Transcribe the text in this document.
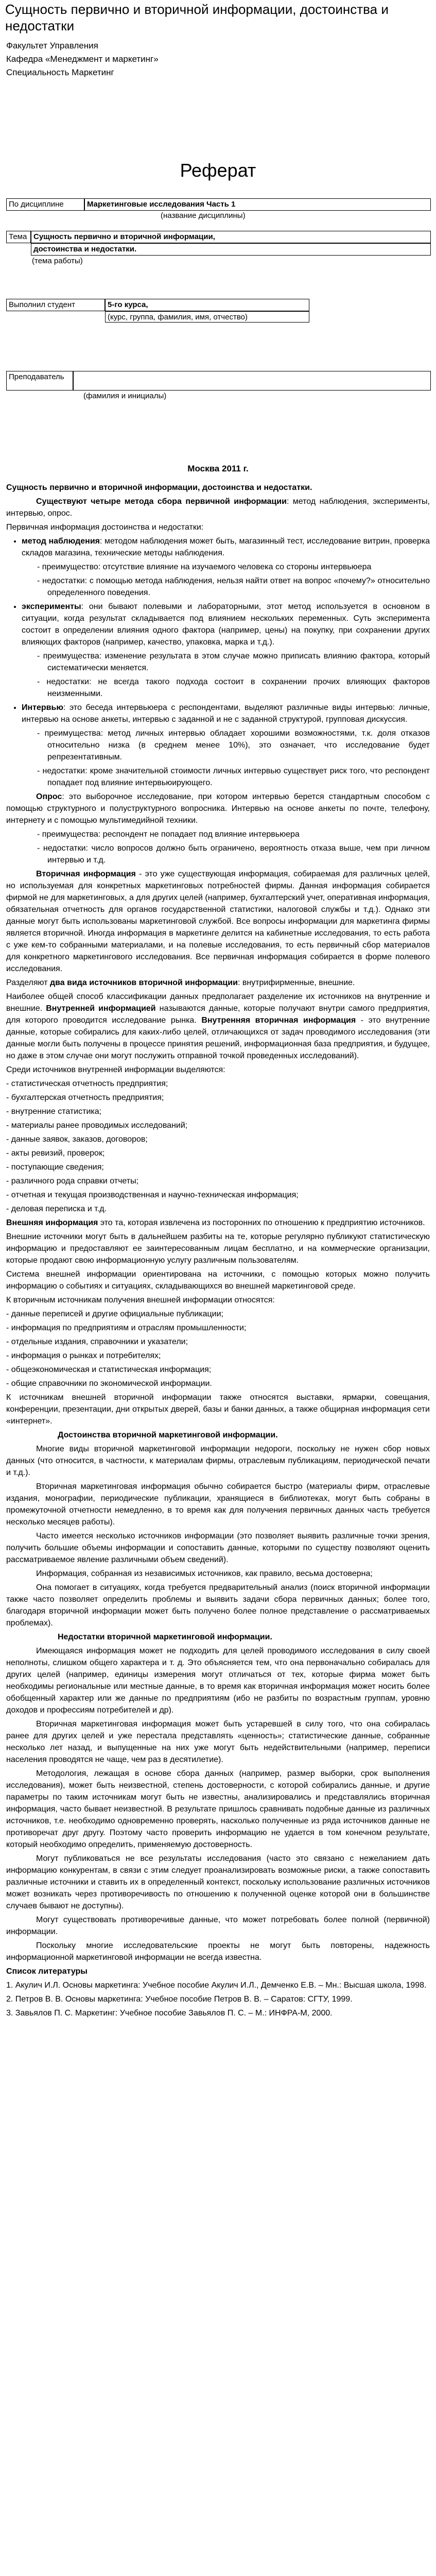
Сущность первично и вторичной информации, достоинства и недостатки
Факультет Управления
Кафедра «Менеджмент и маркетинг»
Специальность Маркетинг
Реферат
По дисциплине	Маркетинговые исследования Часть 1
(название дисциплины)
Тема Сущность первично и вторичной информации,
достоинства и недостатки.
(тема работы)
Выполнил студент	5-го курса,
(курс, группа, фамилия, имя, отчество)
Преподаватель
(фамилия и инициалы)
Москва 2011 г.

Сущность первично и вторичной информации, достоинства и недостатки.

Существуют четыре метода сбора первичной информации: метод наблюдения, эксперименты, интервью, опрос.

Первичная информация достоинства и недостатки:

• метод наблюдения: методом наблюдения может быть, магазинный тест, исследование витрин, проверка складов магазина, технические методы наблюдения.

- преимущество: отсутствие влияние на изучаемого человека со стороны интервьюера

- недостатки: с помощью метода наблюдения, нельзя найти ответ на вопрос «почему?» относительно определенного поведения.

• эксперименты: они бывают полевыми и лабораторными, этот метод используется в основном в ситуации, когда результат складывается под влиянием нескольких переменных. Суть эксперимента состоит в определении влияния одного фактора (например, цены) на покупку, при сохранении других влияющих факторов (например, качество, упаковка, марка и т.д.).

- преимущества: изменение результата в этом случае можно приписать влиянию фактора, который систематически меняется.

- недостатки: не всегда такого подхода состоит в сохранении прочих влияющих факторов неизменными.

• Интервью: это беседа интервьюера с респондентами, выделяют различные виды интервью: личные, интервью на основе анкеты, интервью с заданной и не с заданной структурой, групповая дискуссия.

- преимущества: метод личных интервью обладает хорошими возможностями, т.к. доля отказов относительно низка (в среднем менее 10%), это означает, что исследование будет репрезентативным.

- недостатки: кроме значительной стоимости личных интервью существует риск того, что респондент попадает под влияние интервьюирующего.

Опрос: это выборочное исследование, при котором интервью берется стандартным способом с помощью структурного и полуструктурного вопросника. Интервью на основе анкеты по почте, телефону, интернету и с помощью мультимедийной техники.

- преимущества: респондент не попадает под влияние интервьюера

- недостатки: число вопросов должно быть ограничено, вероятность отказа выше, чем при личном интервью и т.д.

Вторичная информация - это уже существующая информация, собираемая для различных целей, но используемая для конкретных маркетинговых потребностей фирмы. Данная информация собирается фирмой не для маркетинговых, а для других целей (например, бухгалтерский учет, оперативная информация, обязательная отчетность для органов государственной статистики, налоговой службы и т.д.). Однако эти данные могут быть использованы маркетинговой службой. Все вопросы информации для маркетинга фирмы является вторичной. Иногда информация в маркетинге делится на кабинетные исследования, то есть работа с уже кем-то собранными материалами, и на полевые исследования, то есть первичный сбор материалов для конкретного маркетингового исследования. Все первичная информация собирается в форме полевого исследования.

Разделяют два вида источников вторичной информации: внутрифирменные, внешние.

Наиболее общей способ классификации данных предполагает разделение их источников на внутренние и внешние. Внутренней информацией называются данные, которые получают внутри самого предприятия, для которого проводится исследование рынка. Внутренняя вторичная информация - это внутренние данные, которые собирались для каких-либо целей, отличающихся от задач проводимого исследования (эти данные могли быть получены в процессе принятия решений, информационная база предприятия, и будущее, но даже в этом случае они могут послужить отправной точкой проведенных исследований).

Среди источников внутренней информации выделяются:

- статистическая отчетность предприятия;

- бухгалтерская отчетность предприятия;

- внутренние статистика;

- материалы ранее проводимых исследований;

- данные заявок, заказов, договоров;

- акты ревизий, проверок;

- поступающие сведения;

- различного рода справки отчеты;

- отчетная и текущая производственная и научно-техническая информация;

- деловая переписка и т.д.

Внешняя информация это та, которая извлечена из посторонних по отношению к предприятию источников.

Внешние источники могут быть в дальнейшем разбиты на те, которые регулярно публикуют статистическую информацию и предоставляют ее заинтересованным лицам бесплатно, и на коммерческие организации, которые продают свою информационную услугу различным пользователям.

Система внешней информации ориентирована на источники, с помощью которых можно получить информацию о событиях и ситуациях, складывающихся во внешней маркетинговой среде.

К вторичным источникам получения внешней информации относятся:

- данные переписей и другие официальные публикации;

- информация по предприятиям и отраслям промышленности;

- отдельные издания, справочники и указатели;

- информация о рынках и потребителях;

- общеэкономическая и статистическая информация;

- общие справочники по экономической информации.

К источникам внешней вторичной информации также относятся выставки, ярмарки, совещания, конференции, презентации, дни открытых дверей, базы и банки данных, а также общирная информация сети «интернет».

Достоинства вторичной маркетинговой информации.

Многие виды вторичной маркетинговой информации недороги, поскольку не нужен сбор новых данных (что относится, в частности, к материалам фирмы, отраслевым публикациям, периодической печати и т.д.).

Вторичная маркетинговая информация обычно собирается быстро (материалы фирм, отраслевые издания, монографии, периодические публикации, хранящиеся в библиотеках, могут быть собраны в промежуточной отчетности немедленно, в то время как для получения первичных данных часть требуется несколько месяцев работы).

Часто имеется несколько источников информации (это позволяет выявить различные точки зрения, получить большие объемы информации и сопоставить данные, которыми по существу позволяют оценить рассматриваемое явление различными объем сведений).

Информация, собранная из независимых источников, как правило, весьма достоверна;

Она помогает в ситуациях, когда требуется предварительный анализ (поиск вторичной информации также часто позволяет определить проблемы и выявить задачи сбора первичных данных; более того, благодаря вторичной информации может быть получено более полное представление о рассматриваемых проблемах).

Недостатки вторичной маркетинговой информации.

Имеющаяся информация может не подходить для целей проводимого исследования в силу своей неполноты, слишком общего характера и т. д. Это объясняется тем, что она первоначально собиралась для других целей (например, единицы измерения могут отличаться от тех, которые фирма может быть необходимы региональные или местные данные, в то время как вторичная информация может носить более обобщенный характер или же данные по предприятиям (ибо не разбиты по возрастным группам, уровню доходов и профессиям потребителей и др).

Вторичная маркетинговая информация может быть устаревшей в силу того, что она собиралась ранее для других целей и уже перестала представлять «ценность»; статистические данные, собранные несколько лет назад, и выпущенные на них уже могут быть недействительными (например, переписи населения проводятся не чаще, чем раз в десятилетие).

Методология, лежащая в основе сбора данных (например, размер выборки, срок выполнения исследования), может быть неизвестной, степень достоверности, с которой собирались данные, и другие параметры по таким источникам могут быть не известны, анализировались и представлялись вторичная информация, часто бывает неизвестной. В результате пришлось сравнивать подобные данные из различных источников, т.е. необходимо одновременно проверять, насколько полученные из ряда источников данные не противоречат друг другу. Поэтому часто проверить информацию не удается в том конечном результате, который необходимо определить, применяемую достоверность.

Могут публиковаться не все результаты исследования (часто это связано с нежеланием дать информацию конкурентам, в связи с этим следует проанализировать возможные риски, а также сопоставить различные источники и ставить их в определенный контекст, поскольку использование различных источников может возникать через противоречивость по отношению к полученной оценке которой они в большинстве случаев бывают не доступны).

Могут существовать противоречивые данные, что может потребовать более полной (первичной) информации.

Поскольку многие исследовательские проекты не могут быть повторены, надежность информационной маркетинговой информации не всегда известна.

Список литературы

1. Акулич И.Л. Основы маркетинга: Учебное пособие Акулич И.Л., Демченко Е.В. – Мн.: Высшая школа, 1998.

2. Петров В. В. Основы маркетинга: Учебное пособие Петров В. В. – Саратов: СГТУ, 1999.

3. Завьялов П. С. Маркетинг: Учебное пособие Завьялов П. С. – М.: ИНФРА-М, 2000.
